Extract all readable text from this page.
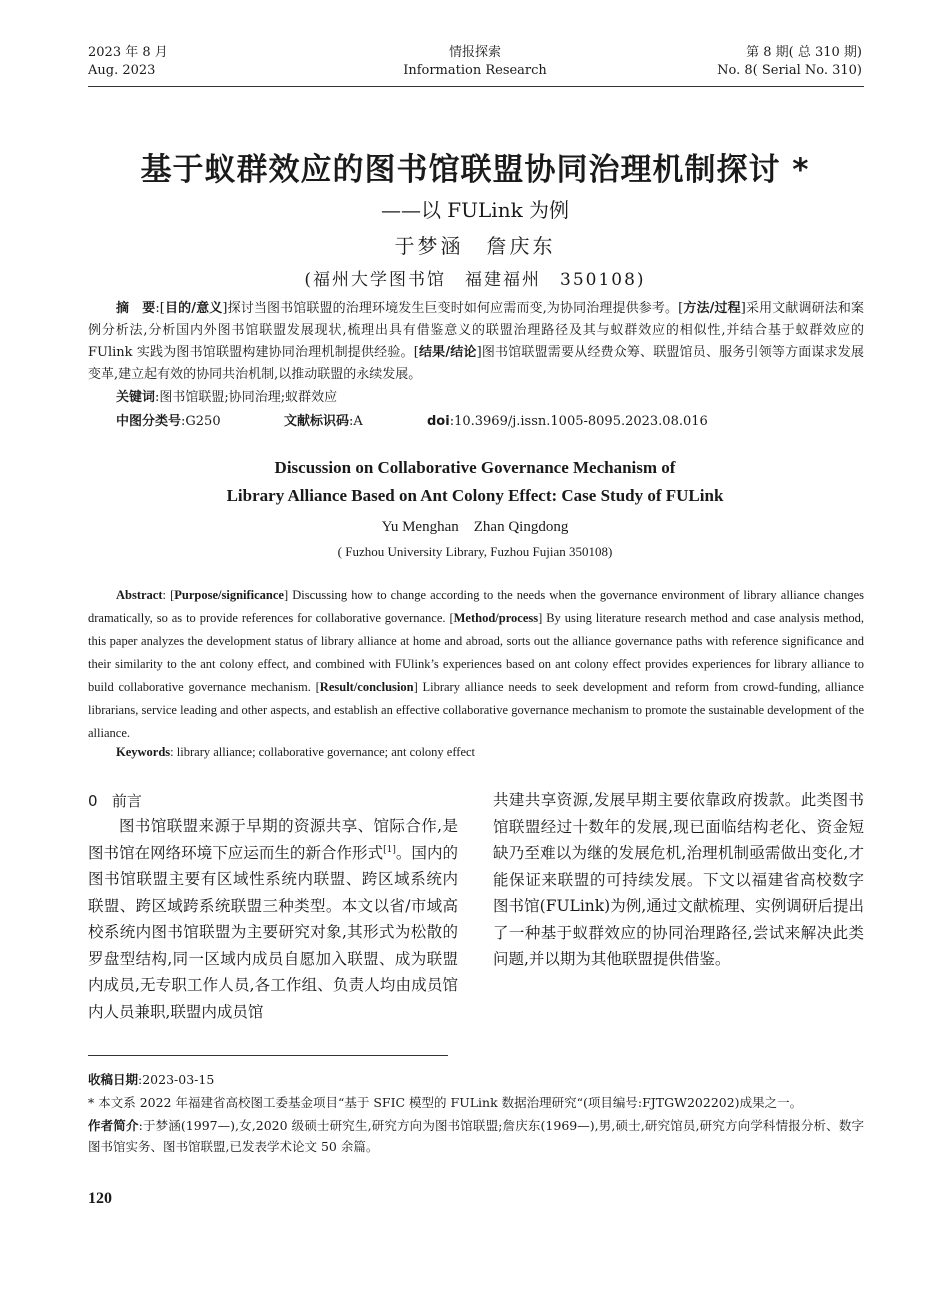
2023 年 8 月
Aug. 2023
情报探索
Information Research
第 8 期( 总 310 期)
No. 8( Serial No. 310)
基于蚁群效应的图书馆联盟协同治理机制探讨 *
——以 FULink 为例
于梦涵　詹庆东
(福州大学图书馆　福建福州　350108)
摘　要:[目的/意义]探讨当图书馆联盟的治理环境发生巨变时如何应需而变,为协同治理提供参考。[方法/过程]采用文献调研法和案例分析法,分析国内外图书馆联盟发展现状,梳理出具有借鉴意义的联盟治理路径及其与蚁群效应的相似性,并结合基于蚁群效应的 FUlink 实践为图书馆联盟构建协同治理机制提供经验。[结果/结论]图书馆联盟需要从经费众筹、联盟馆员、服务引领等方面谋求发展变革,建立起有效的协同共治机制,以推动联盟的永续发展。
关键词:图书馆联盟;协同治理;蚁群效应
中图分类号:G250	文献标识码:A	doi:10.3969/j.issn.1005-8095.2023.08.016
Discussion on Collaborative Governance Mechanism of
Library Alliance Based on Ant Colony Effect: Case Study of FULink
Yu Menghan　Zhan Qingdong
( Fuzhou University Library, Fuzhou Fujian 350108)
Abstract: [Purpose/significance] Discussing how to change according to the needs when the governance environment of library alliance changes dramatically, so as to provide references for collaborative governance. [Method/process] By using literature research method and case analysis method, this paper analyzes the development status of library alliance at home and abroad, sorts out the alliance governance paths with reference significance and their similarity to the ant colony effect, and combined with FUlink’s experiences based on ant colony effect provides experiences for library alliance to build collaborative governance mechanism. [Result/conclusion] Library alliance needs to seek development and reform from crowd-funding, alliance librarians, service leading and other aspects, and establish an effective collaborative governance mechanism to promote the sustainable development of the alliance.
Keywords: library alliance; collaborative governance; ant colony effect
0 前言
图书馆联盟来源于早期的资源共享、馆际合作,是图书馆在网络环境下应运而生的新合作形式[1]。国内的图书馆联盟主要有区域性系统内联盟、跨区域系统内联盟、跨区域跨系统联盟三种类型。本文以省/市域高校系统内图书馆联盟为主要研究对象,其形式为松散的罗盘型结构,同一区域内成员自愿加入联盟、成为联盟内成员,无专职工作人员,各工作组、负责人均由成员馆内人员兼职,联盟内成员馆
共建共享资源,发展早期主要依靠政府拨款。此类图书馆联盟经过十数年的发展,现已面临结构老化、资金短缺乃至难以为继的发展危机,治理机制亟需做出变化,才能保证来联盟的可持续发展。下文以福建省高校数字图书馆(FULink)为例,通过文献梳理、实例调研后提出了一种基于蚁群效应的协同治理路径,尝试来解决此类问题,并以期为其他联盟提供借鉴。
收稿日期:2023-03-15
* 本文系 2022 年福建省高校图工委基金项目“基于 SFIC 模型的 FULink 数据治理研究“(项目编号:FJTGW202202)成果之一。
作者简介:于梦涵(1997—),女,2020 级硕士研究生,研究方向为图书馆联盟;詹庆东(1969—),男,硕士,研究馆员,研究方向学科情报分析、数字图书馆实务、图书馆联盟,已发表学术论文 50 余篇。
120
